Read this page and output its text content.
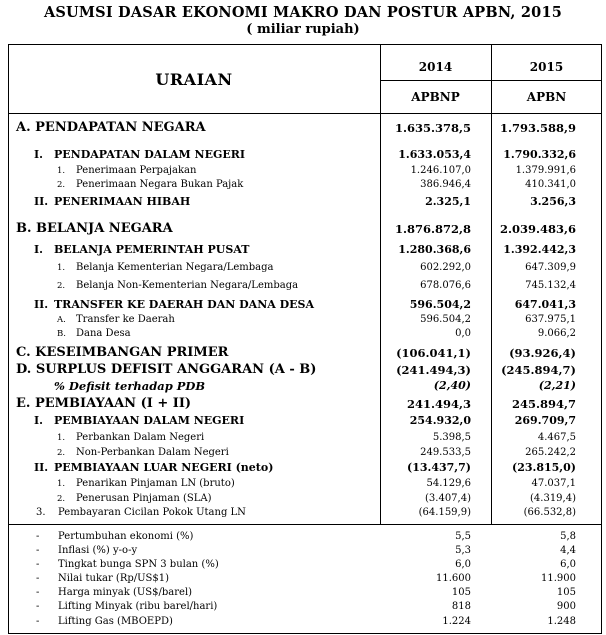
ASUMSI DASAR EKONOMI MAKRO DAN POSTUR APBN, 2015
( miliar rupiah)
URAIAN
2014	2015
APBNP	APBN
A. PENDAPATAN NEGARA	1.635.378,5	1.793.588,9
I. PENDAPATAN DALAM NEGERI	1.633.053,4	1.790.332,6
1. Penerimaan Perpajakan	1.246.107,0	1.379.991,6
2. Penerimaan Negara Bukan Pajak	386.946,4	410.341,0
II. PENERIMAAN HIBAH	2.325,1	3.256,3
B. BELANJA NEGARA	1.876.872,8	2.039.483,6
I. BELANJA PEMERINTAH PUSAT	1.280.368,6	1.392.442,3
1. Belanja Kementerian Negara/Lembaga	602.292,0	647.309,9
2. Belanja Non-Kementerian Negara/Lembaga	678.076,6	745.132,4
II. TRANSFER KE DAERAH DAN DANA DESA	596.504,2	647.041,3
A. Transfer ke Daerah	596.504,2	637.975,1
B. Dana Desa	0,0	9.066,2
C. KESEIMBANGAN PRIMER	(106.041,1)	(93.926,4)
D. SURPLUS DEFISIT ANGGARAN (A - B)	(241.494,3)	(245.894,7)
% Defisit terhadap PDB	(2,40)	(2,21)
E. PEMBIAYAAN (I + II)	241.494,3	245.894,7
I. PEMBIAYAAN DALAM NEGERI	254.932,0	269.709,7
1. Perbankan Dalam Negeri	5.398,5	4.467,5
2. Non-Perbankan Dalam Negeri	249.533,5	265.242,2
II. PEMBIAYAAN LUAR NEGERI (neto)	(13.437,7)	(23.815,0)
1. Penarikan Pinjaman LN (bruto)	54.129,6	47.037,1
2. Penerusan Pinjaman (SLA)	(3.407,4)	(4.319,4)
3. Pembayaran Cicilan Pokok Utang LN	(64.159,9)	(66.532,8)
- Pertumbuhan ekonomi (%)	5,5	5,8
- Inflasi (%) y-o-y	5,3	4,4
- Tingkat bunga SPN 3 bulan (%)	6,0	6,0
- Nilai tukar (Rp/US$1)	11.600	11.900
- Harga minyak (US$/barel)	105	105
- Lifting Minyak (ribu barel/hari)	818	900
- Lifting Gas (MBOEPD)	1.224	1.248
